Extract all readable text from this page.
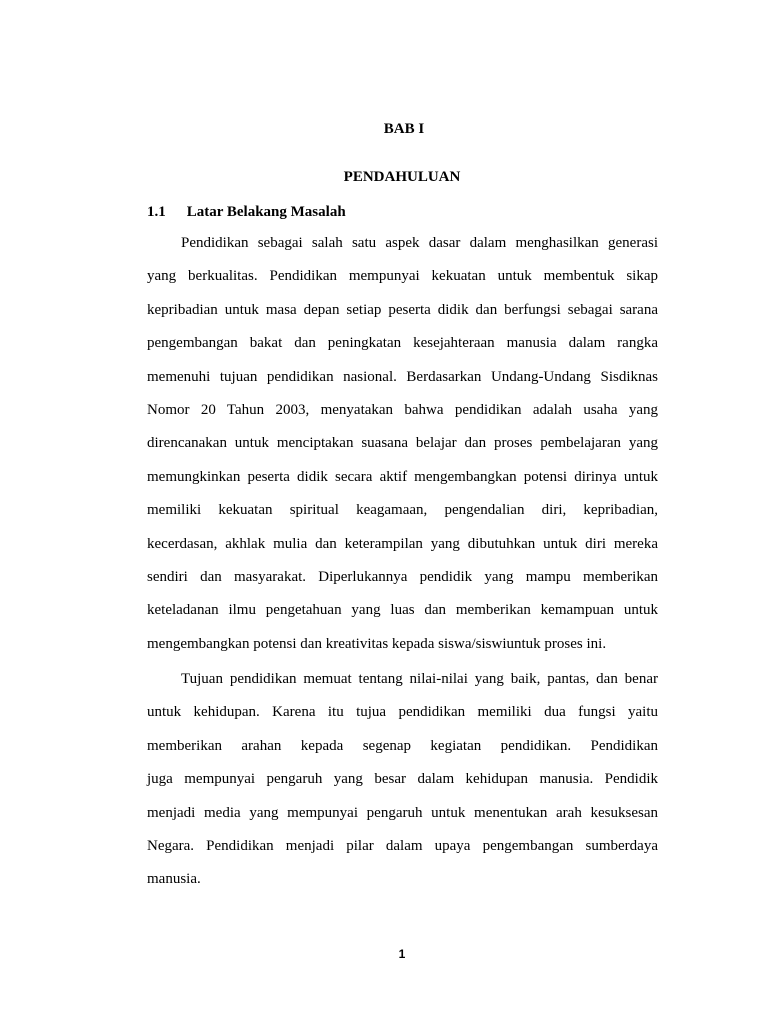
BAB I
PENDAHULUAN
1.1 Latar Belakang Masalah
Pendidikan sebagai salah satu aspek dasar dalam menghasilkan generasi
yang berkualitas. Pendidikan mempunyai kekuatan untuk membentuk sikap
kepribadian untuk masa depan setiap peserta didik dan berfungsi sebagai sarana
pengembangan bakat dan peningkatan kesejahteraan manusia dalam rangka
memenuhi tujuan pendidikan nasional. Berdasarkan Undang-Undang Sisdiknas
Nomor 20 Tahun 2003, menyatakan bahwa pendidikan adalah usaha yang
direncanakan untuk menciptakan suasana belajar dan proses pembelajaran yang
memungkinkan peserta didik secara aktif mengembangkan potensi dirinya untuk
memiliki kekuatan spiritual keagamaan, pengendalian diri, kepribadian,
kecerdasan, akhlak mulia dan keterampilan yang dibutuhkan untuk diri mereka
sendiri dan masyarakat. Diperlukannya pendidik yang mampu memberikan
keteladanan ilmu pengetahuan yang luas dan memberikan kemampuan untuk
mengembangkan potensi dan kreativitas kepada siswa/siswiuntuk proses ini.
Tujuan pendidikan memuat tentang nilai-nilai yang baik, pantas, dan benar
untuk kehidupan. Karena itu tujua pendidikan memiliki dua fungsi yaitu
memberikan arahan kepada segenap kegiatan pendidikan. Pendidikan
juga mempunyai pengaruh yang besar dalam kehidupan manusia. Pendidik
menjadi media yang mempunyai pengaruh untuk menentukan arah kesuksesan
Negara. Pendidikan menjadi pilar dalam upaya pengembangan sumberdaya
manusia.
1
